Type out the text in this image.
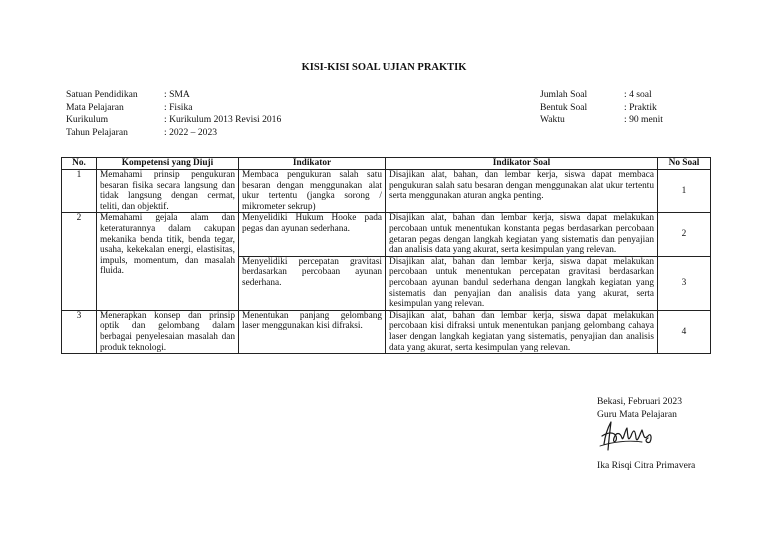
KISI-KISI SOAL UJIAN PRAKTIK
Satuan Pendidikan	: SMA
Mata Pelajaran	: Fisika
Kurikulum	: Kurikulum 2013 Revisi 2016
Tahun Pelajaran	: 2022 – 2023
Jumlah Soal	: 4 soal
Bentuk Soal	: Praktik
Waktu	: 90 menit
No.	Kompetensi yang Diuji	Indikator	Indikator Soal	No Soal
1	Memahami prinsip pengukuran besaran fisika secara langsung dan tidak langsung dengan cermat, teliti, dan objektif.	Membaca pengukuran salah satu besaran dengan menggunakan alat ukur tertentu (jangka sorong / mikrometer sekrup)	Disajikan alat, bahan, dan lembar kerja, siswa dapat membaca pengukuran salah satu besaran dengan menggunakan alat ukur tertentu serta menggunakan aturan angka penting.	1
2	Memahami gejala alam dan keteraturannya dalam cakupan mekanika benda titik, benda tegar, usaha, kekekalan energi, elastisitas, impuls, momentum, dan masalah fluida.	Menyelidiki Hukum Hooke pada pegas dan ayunan sederhana.	Disajikan alat, bahan dan lembar kerja, siswa dapat melakukan percobaan untuk menentukan konstanta pegas berdasarkan percobaan getaran pegas dengan langkah kegiatan yang sistematis dan penyajian dan analisis data yang akurat, serta kesimpulan yang relevan.	2
		Menyelidiki percepatan gravitasi berdasarkan percobaan ayunan sederhana.	Disajikan alat, bahan dan lembar kerja, siswa dapat melakukan percobaan untuk menentukan percepatan gravitasi berdasarkan percobaan ayunan bandul sederhana dengan langkah kegiatan yang sistematis dan penyajian dan analisis data yang akurat, serta kesimpulan yang relevan.	3
3	Menerapkan konsep dan prinsip optik dan gelombang dalam berbagai penyelesaian masalah dan produk teknologi.	Menentukan panjang gelombang laser menggunakan kisi difraksi.	Disajikan alat, bahan dan lembar kerja, siswa dapat melakukan percobaan kisi difraksi untuk menentukan panjang gelombang cahaya laser dengan langkah kegiatan yang sistematis, penyajian dan analisis data yang akurat, serta kesimpulan yang relevan.	4
Bekasi, Februari 2023
Guru Mata Pelajaran
Ika Risqi Citra Primavera
